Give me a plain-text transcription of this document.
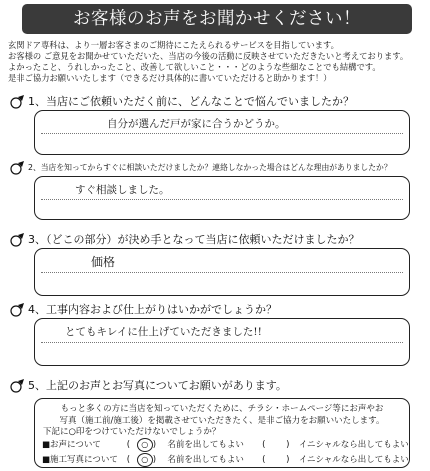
お客様のお声をお聞かせください！
玄関ドア専科は、より一層お客さまのご期待にこたえられるサービスを目指しています。
お客様の ご意見をお聞かせていただいた、当店の今後の活動に反映させていただきたいと考えております。
よかったこと、うれしかったこと、改善して欲しいこと・・・どのような些細なことでも結構です。
是非ご協力お願いいたします（できるだけ具体的に書いていただけると助かります！）
1、当店にご依頼いただく前に、どんなことで悩んでいましたか？
自分が選んだ戸が家に合うかどうか。
2、当店を知ってからすぐに相談いただけましたか？連絡しなかった場合はどんな理由がありましたか？
すぐ相談しました。
3、（どこの部分）が決め手となって当店に依頼いただけましたか？
価格
4、工事内容および仕上がりはいかがでしょうか？
とてもキレイに仕上げていただきました!!
5、上記のお声とお写真についてお願いがあります。
もっと多くの方に当店を知っていただくために、チラシ・ホームページ等にお声やお
写真（施工前/施工後）を掲載させていただきたく、是非ご協力をお願いいたします。
下記に○印をつけていただけないでしょうか？
■お声について	( ○ ) 名前を出してもよい ( ) イニシャルなら出してもよい
■施工写真について ( ○ ) 名前を出してもよい ( ) イニシャルなら出してもよい
